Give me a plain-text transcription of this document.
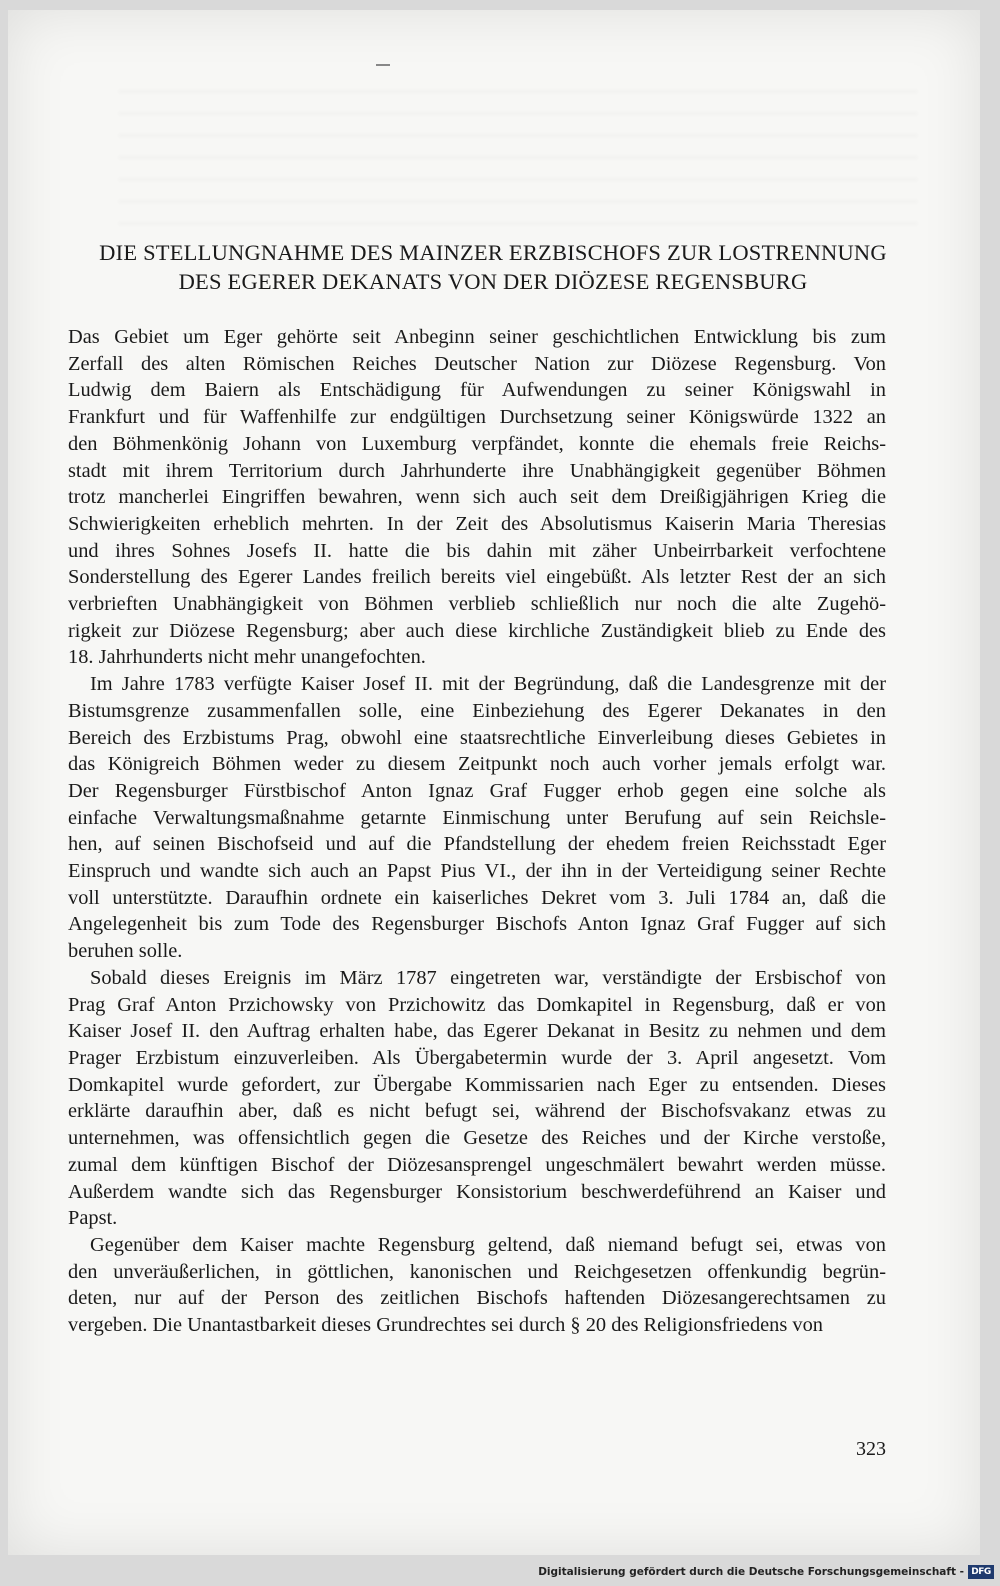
DIE STELLUNGNAHME DES MAINZER ERZBISCHOFS ZUR LOSTRENNUNG
DES EGERER DEKANATS VON DER DIÖZESE REGENSBURG
Das Gebiet um Eger gehörte seit Anbeginn seiner geschichtlichen Entwicklung bis zum
Zerfall des alten Römischen Reiches Deutscher Nation zur Diözese Regensburg. Von
Ludwig dem Baiern als Entschädigung für Aufwendungen zu seiner Königswahl in
Frankfurt und für Waffenhilfe zur endgültigen Durchsetzung seiner Königswürde 1322 an
den Böhmenkönig Johann von Luxemburg verpfändet, konnte die ehemals freie Reichs-
stadt mit ihrem Territorium durch Jahrhunderte ihre Unabhängigkeit gegenüber Böhmen
trotz mancherlei Eingriffen bewahren, wenn sich auch seit dem Dreißigjährigen Krieg die
Schwierigkeiten erheblich mehrten. In der Zeit des Absolutismus Kaiserin Maria Theresias
und ihres Sohnes Josefs II. hatte die bis dahin mit zäher Unbeirrbarkeit verfochtene
Sonderstellung des Egerer Landes freilich bereits viel eingebüßt. Als letzter Rest der an sich
verbrieften Unabhängigkeit von Böhmen verblieb schließlich nur noch die alte Zugehö-
rigkeit zur Diözese Regensburg; aber auch diese kirchliche Zuständigkeit blieb zu Ende des
18. Jahrhunderts nicht mehr unangefochten.
Im Jahre 1783 verfügte Kaiser Josef II. mit der Begründung, daß die Landesgrenze mit der
Bistumsgrenze zusammenfallen solle, eine Einbeziehung des Egerer Dekanates in den
Bereich des Erzbistums Prag, obwohl eine staatsrechtliche Einverleibung dieses Gebietes in
das Königreich Böhmen weder zu diesem Zeitpunkt noch auch vorher jemals erfolgt war.
Der Regensburger Fürstbischof Anton Ignaz Graf Fugger erhob gegen eine solche als
einfache Verwaltungsmaßnahme getarnte Einmischung unter Berufung auf sein Reichsle-
hen, auf seinen Bischofseid und auf die Pfandstellung der ehedem freien Reichsstadt Eger
Einspruch und wandte sich auch an Papst Pius VI., der ihn in der Verteidigung seiner Rechte
voll unterstützte. Daraufhin ordnete ein kaiserliches Dekret vom 3. Juli 1784 an, daß die
Angelegenheit bis zum Tode des Regensburger Bischofs Anton Ignaz Graf Fugger auf sich
beruhen solle.
Sobald dieses Ereignis im März 1787 eingetreten war, verständigte der Ersbischof von
Prag Graf Anton Przichowsky von Przichowitz das Domkapitel in Regensburg, daß er von
Kaiser Josef II. den Auftrag erhalten habe, das Egerer Dekanat in Besitz zu nehmen und dem
Prager Erzbistum einzuverleiben. Als Übergabetermin wurde der 3. April angesetzt. Vom
Domkapitel wurde gefordert, zur Übergabe Kommissarien nach Eger zu entsenden. Dieses
erklärte daraufhin aber, daß es nicht befugt sei, während der Bischofsvakanz etwas zu
unternehmen, was offensichtlich gegen die Gesetze des Reiches und der Kirche verstoße,
zumal dem künftigen Bischof der Diözesansprengel ungeschmälert bewahrt werden müsse.
Außerdem wandte sich das Regensburger Konsistorium beschwerdeführend an Kaiser und
Papst.
Gegenüber dem Kaiser machte Regensburg geltend, daß niemand befugt sei, etwas von
den unveräußerlichen, in göttlichen, kanonischen und Reichgesetzen offenkundig begrün-
deten, nur auf der Person des zeitlichen Bischofs haftenden Diözesangerechtsamen zu
vergeben. Die Unantastbarkeit dieses Grundrechtes sei durch § 20 des Religionsfriedens von
323
Digitalisierung gefördert durch die Deutsche Forschungsgemeinschaft - DFG
